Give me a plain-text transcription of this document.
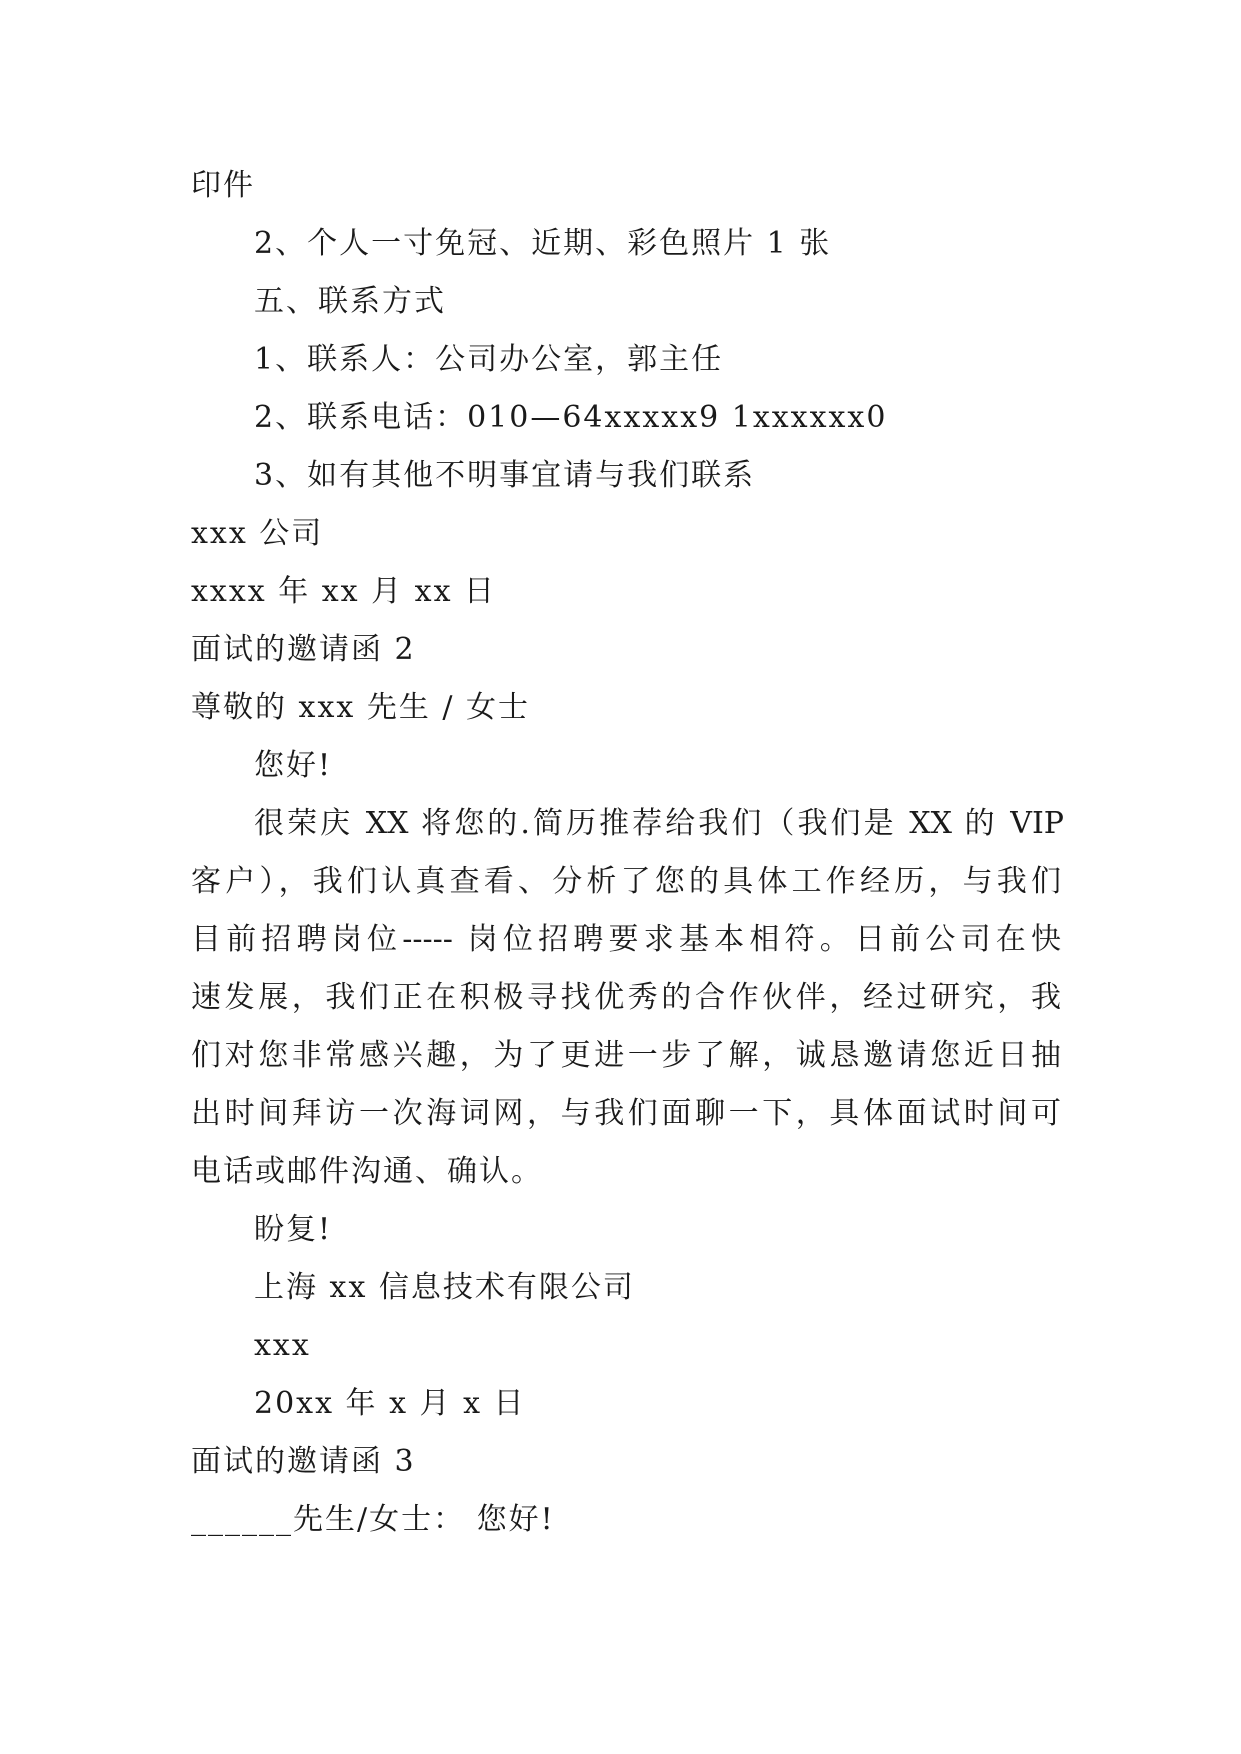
印件
2、个人一寸免冠、近期、彩色照片 1 张
五、联系方式
1、联系人：公司办公室，郭主任
2、联系电话：010—64xxxxx9 1xxxxxx0
3、如有其他不明事宜请与我们联系
xxx 公司
xxxx 年 xx 月 xx 日
面试的邀请函 2
尊敬的 xxx 先生 / 女士
您好!
很荣庆 XX 将您的.简历推荐给我们（我们是 XX 的 VIP
客户），我们认真查看、分析了您的具体工作经历，与我们
目前招聘岗位----- 岗位招聘要求基本相符。日前公司在快
速发展，我们正在积极寻找优秀的合作伙伴，经过研究，我
们对您非常感兴趣，为了更进一步了解，诚恳邀请您近日抽
出时间拜访一次海词网，与我们面聊一下，具体面试时间可
电话或邮件沟通、确认。
盼复!
上海 xx 信息技术有限公司
xxx
20xx 年 x 月 x 日
面试的邀请函 3
______先生/女士： 您好!
